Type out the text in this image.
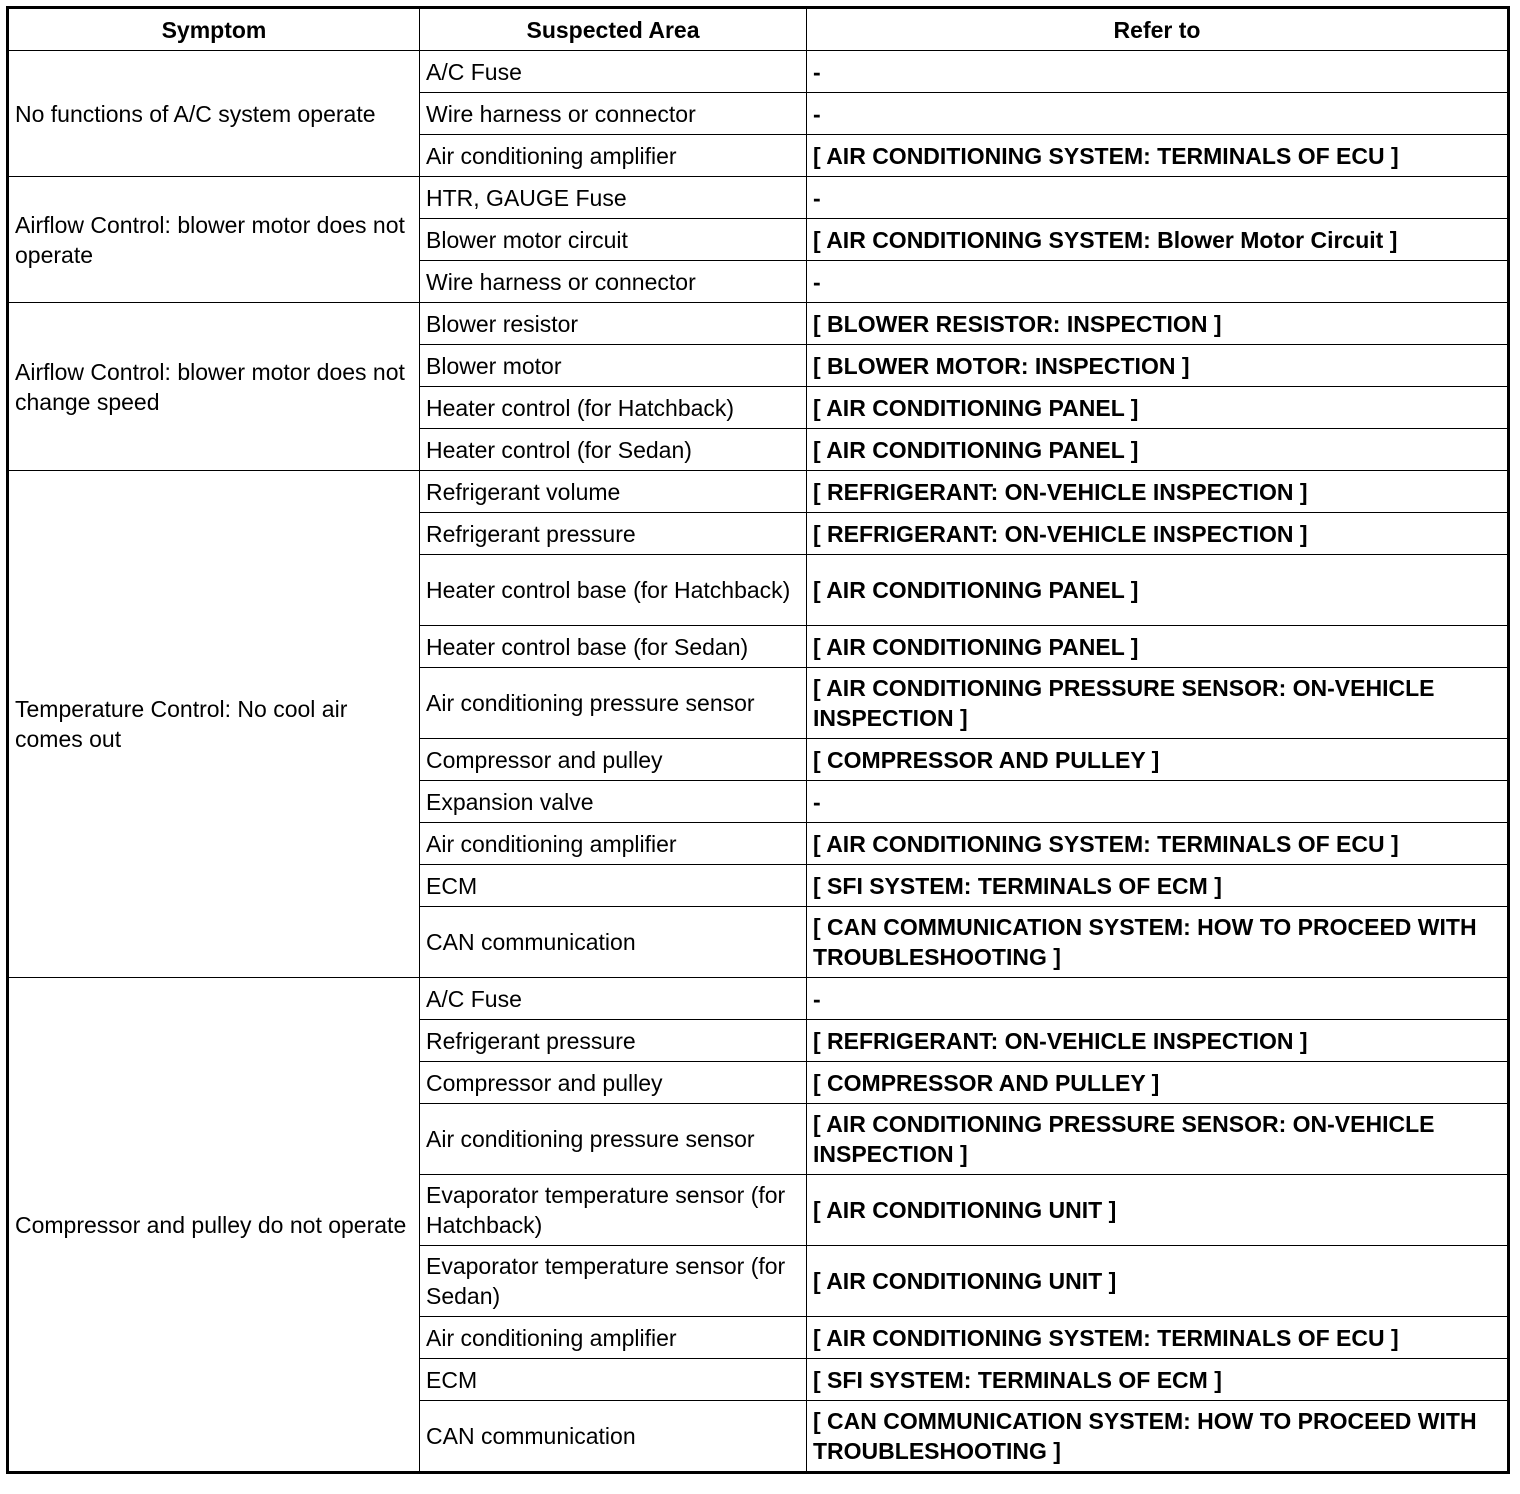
Symptom	Suspected Area	Refer to
No functions of A/C system operate	A/C Fuse	-
	Wire harness or connector	-
	Air conditioning amplifier	[ AIR CONDITIONING SYSTEM: TERMINALS OF ECU ]
Airflow Control: blower motor does not operate	HTR, GAUGE Fuse	-
	Blower motor circuit	[ AIR CONDITIONING SYSTEM: Blower Motor Circuit ]
	Wire harness or connector	-
Airflow Control: blower motor does not change speed	Blower resistor	[ BLOWER RESISTOR: INSPECTION ]
	Blower motor	[ BLOWER MOTOR: INSPECTION ]
	Heater control (for Hatchback)	[ AIR CONDITIONING PANEL ]
	Heater control (for Sedan)	[ AIR CONDITIONING PANEL ]
Temperature Control: No cool air comes out	Refrigerant volume	[ REFRIGERANT: ON-VEHICLE INSPECTION ]
	Refrigerant pressure	[ REFRIGERANT: ON-VEHICLE INSPECTION ]
	Heater control base (for Hatchback)	[ AIR CONDITIONING PANEL ]
	Heater control base (for Sedan)	[ AIR CONDITIONING PANEL ]
	Air conditioning pressure sensor	[ AIR CONDITIONING PRESSURE SENSOR: ON-VEHICLE INSPECTION ]
	Compressor and pulley	[ COMPRESSOR AND PULLEY ]
	Expansion valve	-
	Air conditioning amplifier	[ AIR CONDITIONING SYSTEM: TERMINALS OF ECU ]
	ECM	[ SFI SYSTEM: TERMINALS OF ECM ]
	CAN communication	[ CAN COMMUNICATION SYSTEM: HOW TO PROCEED WITH TROUBLESHOOTING ]
Compressor and pulley do not operate	A/C Fuse	-
	Refrigerant pressure	[ REFRIGERANT: ON-VEHICLE INSPECTION ]
	Compressor and pulley	[ COMPRESSOR AND PULLEY ]
	Air conditioning pressure sensor	[ AIR CONDITIONING PRESSURE SENSOR: ON-VEHICLE INSPECTION ]
	Evaporator temperature sensor (for Hatchback)	[ AIR CONDITIONING UNIT ]
	Evaporator temperature sensor (for Sedan)	[ AIR CONDITIONING UNIT ]
	Air conditioning amplifier	[ AIR CONDITIONING SYSTEM: TERMINALS OF ECU ]
	ECM	[ SFI SYSTEM: TERMINALS OF ECM ]
	CAN communication	[ CAN COMMUNICATION SYSTEM: HOW TO PROCEED WITH TROUBLESHOOTING ]
